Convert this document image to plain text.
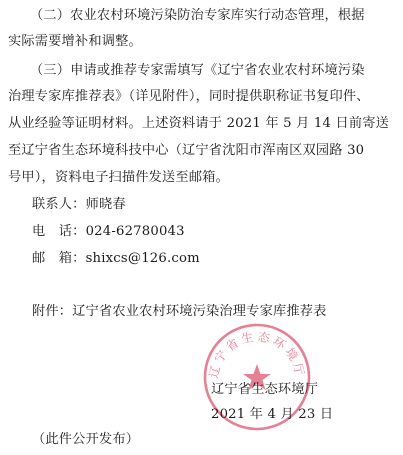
（二）农业农村环境污染防治专家库实行动态管理，根据
实际需要增补和调整。
（三）申请或推荐专家需填写《辽宁省农业农村环境污染
治理专家库推荐表》（详见附件），同时提供职称证书复印件、
从业经验等证明材料。上述资料请于 2021 年 5 月 14 日前寄送
至辽宁省生态环境科技中心（辽宁省沈阳市浑南区双园路 30
号甲），资料电子扫描件发送至邮箱。
联系人：师晓春
电　话：024-62780043
邮　箱：shixcs@126.com
附件：辽宁省农业农村环境污染治理专家库推荐表
辽宁省生态环境厅
辽宁省生态环境厅
2021 年 4 月 23 日
（此件公开发布）
